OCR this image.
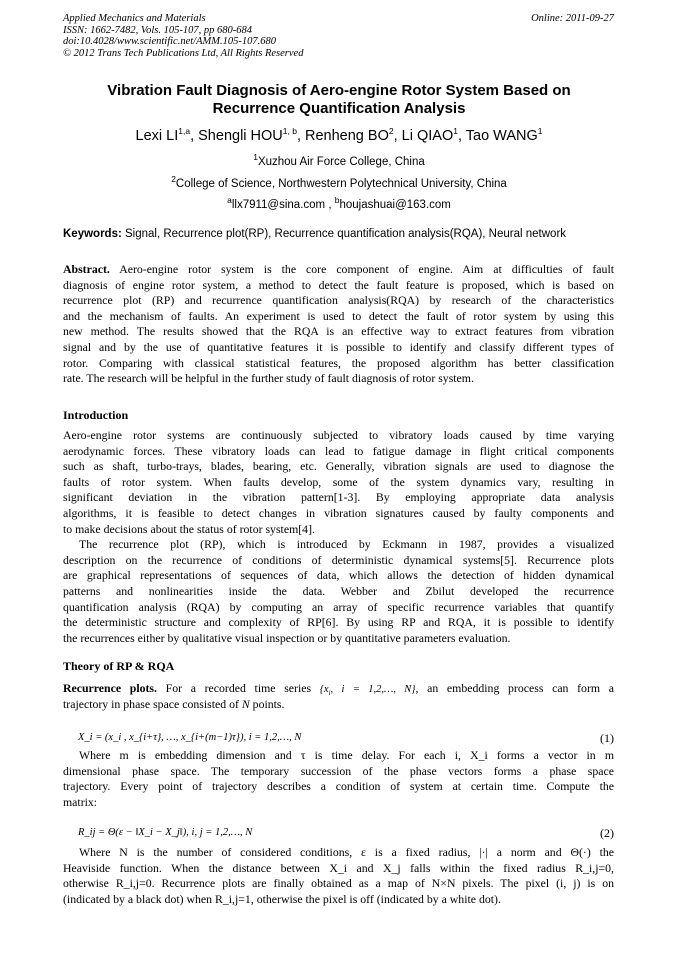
Applied Mechanics and Materials
ISSN: 1662-7482, Vols. 105-107, pp 680-684
doi:10.4028/www.scientific.net/AMM.105-107.680
© 2012 Trans Tech Publications Ltd, All Rights Reserved
Online: 2011-09-27
Vibration Fault Diagnosis of Aero-engine Rotor System Based on
Recurrence Quantification Analysis
Lexi LI$^{1,a}$, Shengli HOU$^{1, b}$, Renheng $BO^2$, Li QIAO$^1$, Tao WANG$^1$
$^1$Xuzhou Air Force College, China
$^2$College of Science, Northwestern Polytechnical University, China
$^a$llx7911@sina.com , $^b$houjashuai@163.com
Keywords: Signal, Recurrence plot(RP), Recurrence quantification analysis(RQA), Neural network
Abstract. Aero-engine rotor system is the core component of engine. Aim at difficulties of fault
diagnosis of engine rotor system, a method to detect the fault feature is proposed, which is based on
recurrence plot (RP) and recurrence quantification analysis(RQA) by research of the characteristics
and the mechanism of faults. An experiment is used to detect the fault of rotor system by using this
new method. The results showed that the RQA is an effective way to extract features from vibration
signal and by the use of quantitative features it is possible to identify and classify different types of
rotor. Comparing with classical statistical features, the proposed algorithm has better classification
rate. The research will be helpful in the further study of fault diagnosis of rotor system.
Introduction
Aero-engine rotor systems are continuously subjected to vibratory loads caused by time varying
aerodynamic forces. These vibratory loads can lead to fatigue damage in flight critical components
such as shaft, turbo-trays, blades, bearing, etc. Generally, vibration signals are used to diagnose the
faults of rotor system. When faults develop, some of the system dynamics vary, resulting in
significant deviation in the vibration pattern[1-3]. By employing appropriate data analysis
algorithms, it is feasible to detect changes in vibration signatures caused by faulty components and
to make decisions about the status of rotor system[4].
The recurrence plot (RP), which is introduced by Eckmann in 1987, provides a visualized
description on the recurrence of conditions of deterministic dynamical systems[5]. Recurrence plots
are graphical representations of sequences of data, which allows the detection of hidden dynamical
patterns and nonlinearities inside the data. Webber and Zbilut developed the recurrence
quantification analysis (RQA) by computing an array of specific recurrence variables that quantify
the deterministic structure and complexity of RP[6]. By using RP and RQA, it is possible to identify
the recurrences either by qualitative visual inspection or by quantitative parameters evaluation.
Theory of RP & RQA
Recurrence plots. For a recorded time series {$x_i$, i = 1,2,…, N}, an embedding process can form a
trajectory in phase space consisted of N points.
X_i = (x_i , x_{i+τ}, …, x_{i+(m−1)τ}), i = 1,2,…, N	(1)
Where m is embedding dimension and τ is time delay. For each i, X_i forms a vector in m
dimensional phase space. The temporary succession of the phase vectors forms a phase space
trajectory. Every point of trajectory describes a condition of system at certain time. Compute the
matrix:
R_ij = Θ(ε − ‖X_i − X_j‖), i, j = 1,2,…, N	(2)
Where N is the number of considered conditions, ε is a fixed radius, |·| a norm and Θ(·) the
Heaviside function. When the distance between X_i and X_j falls within the fixed radius R_i,j=0,
otherwise R_i,j=0. Recurrence plots are finally obtained as a map of N×N pixels. The pixel (i, j) is on
(indicated by a black dot) when R_i,j=1, otherwise the pixel is off (indicated by a white dot).
